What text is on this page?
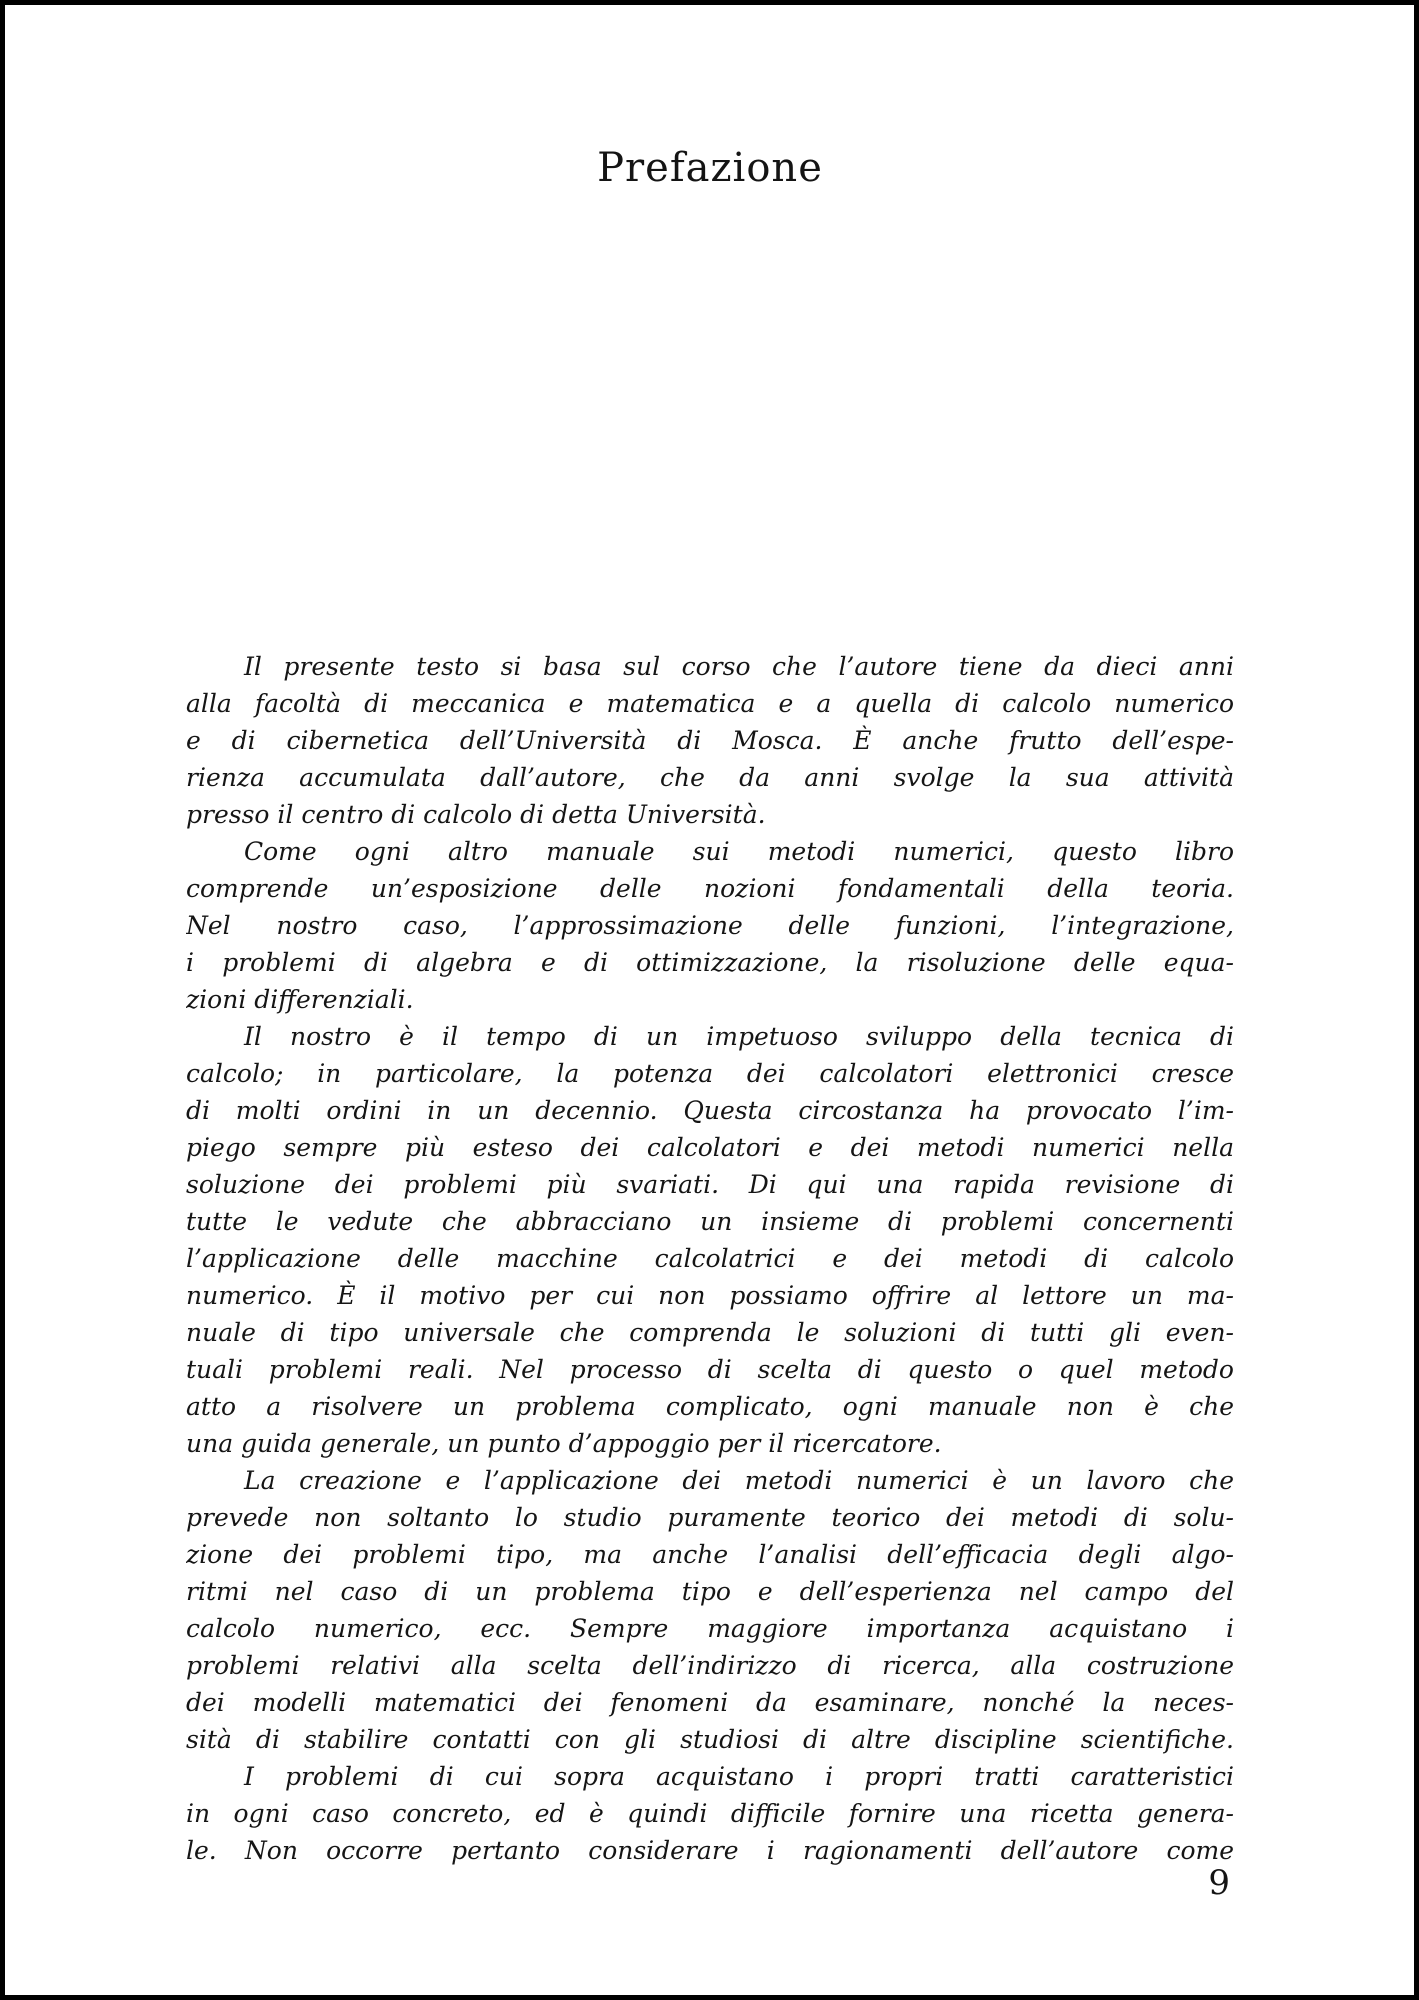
Prefazione
Il presente testo si basa sul corso che l’autore tiene da dieci anni
alla facoltà di meccanica e matematica e a quella di calcolo numerico
e di cibernetica dell’Università di Mosca. È anche frutto dell’espe-
rienza accumulata dall’autore, che da anni svolge la sua attività
presso il centro di calcolo di detta Università.
Come ogni altro manuale sui metodi numerici, questo libro
comprende un’esposizione delle nozioni fondamentali della teoria.
Nel nostro caso, l’approssimazione delle funzioni, l’integrazione,
i problemi di algebra e di ottimizzazione, la risoluzione delle equa-
zioni differenziali.
Il nostro è il tempo di un impetuoso sviluppo della tecnica di
calcolo; in particolare, la potenza dei calcolatori elettronici cresce
di molti ordini in un decennio. Questa circostanza ha provocato l’im-
piego sempre più esteso dei calcolatori e dei metodi numerici nella
soluzione dei problemi più svariati. Di qui una rapida revisione di
tutte le vedute che abbracciano un insieme di problemi concernenti
l’applicazione delle macchine calcolatrici e dei metodi di calcolo
numerico. È il motivo per cui non possiamo offrire al lettore un ma-
nuale di tipo universale che comprenda le soluzioni di tutti gli even-
tuali problemi reali. Nel processo di scelta di questo o quel metodo
atto a risolvere un problema complicato, ogni manuale non è che
una guida generale, un punto d’appoggio per il ricercatore.
La creazione e l’applicazione dei metodi numerici è un lavoro che
prevede non soltanto lo studio puramente teorico dei metodi di solu-
zione dei problemi tipo, ma anche l’analisi dell’efficacia degli algo-
ritmi nel caso di un problema tipo e dell’esperienza nel campo del
calcolo numerico, ecc. Sempre maggiore importanza acquistano i
problemi relativi alla scelta dell’indirizzo di ricerca, alla costruzione
dei modelli matematici dei fenomeni da esaminare, nonché la neces-
sità di stabilire contatti con gli studiosi di altre discipline scientifiche.
I problemi di cui sopra acquistano i propri tratti caratteristici
in ogni caso concreto, ed è quindi difficile fornire una ricetta genera-
le. Non occorre pertanto considerare i ragionamenti dell’autore come
9
